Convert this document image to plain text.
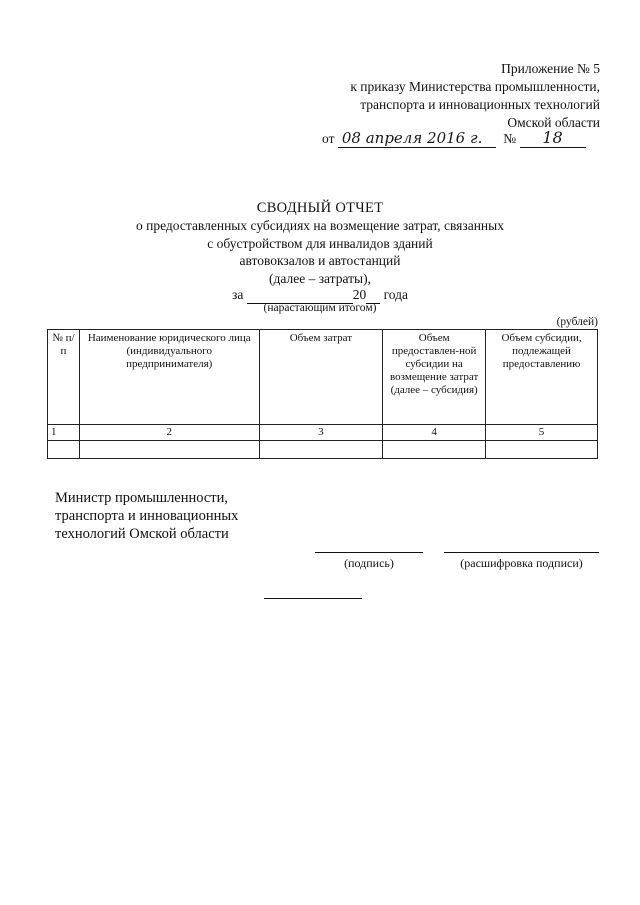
Приложение № 5
к приказу Министерства промышленности,
транспорта и инновационных технологий
Омской области
от 08 апреля 2016 г. № 18
СВОДНЫЙ ОТЧЕТ
о предоставленных субсидиях на возмещение затрат, связанных
с обустройством для инвалидов зданий
автовокзалов и автостанций
(далее – затраты),
за	20 года
(нарастающим итогом)
(рублей)
№ п/п	Наименование юридического лица (индивидуального предпринимателя)	Объем затрат	Объем предоставлен-ной субсидии на возмещение затрат (далее – субсидия)	Объем субсидии, подлежащей предоставлению
1	2	3	4	5

Министр промышленности,
транспорта и инновационных
технологий Омской области
(подпись)	(расшифровка подписи)
